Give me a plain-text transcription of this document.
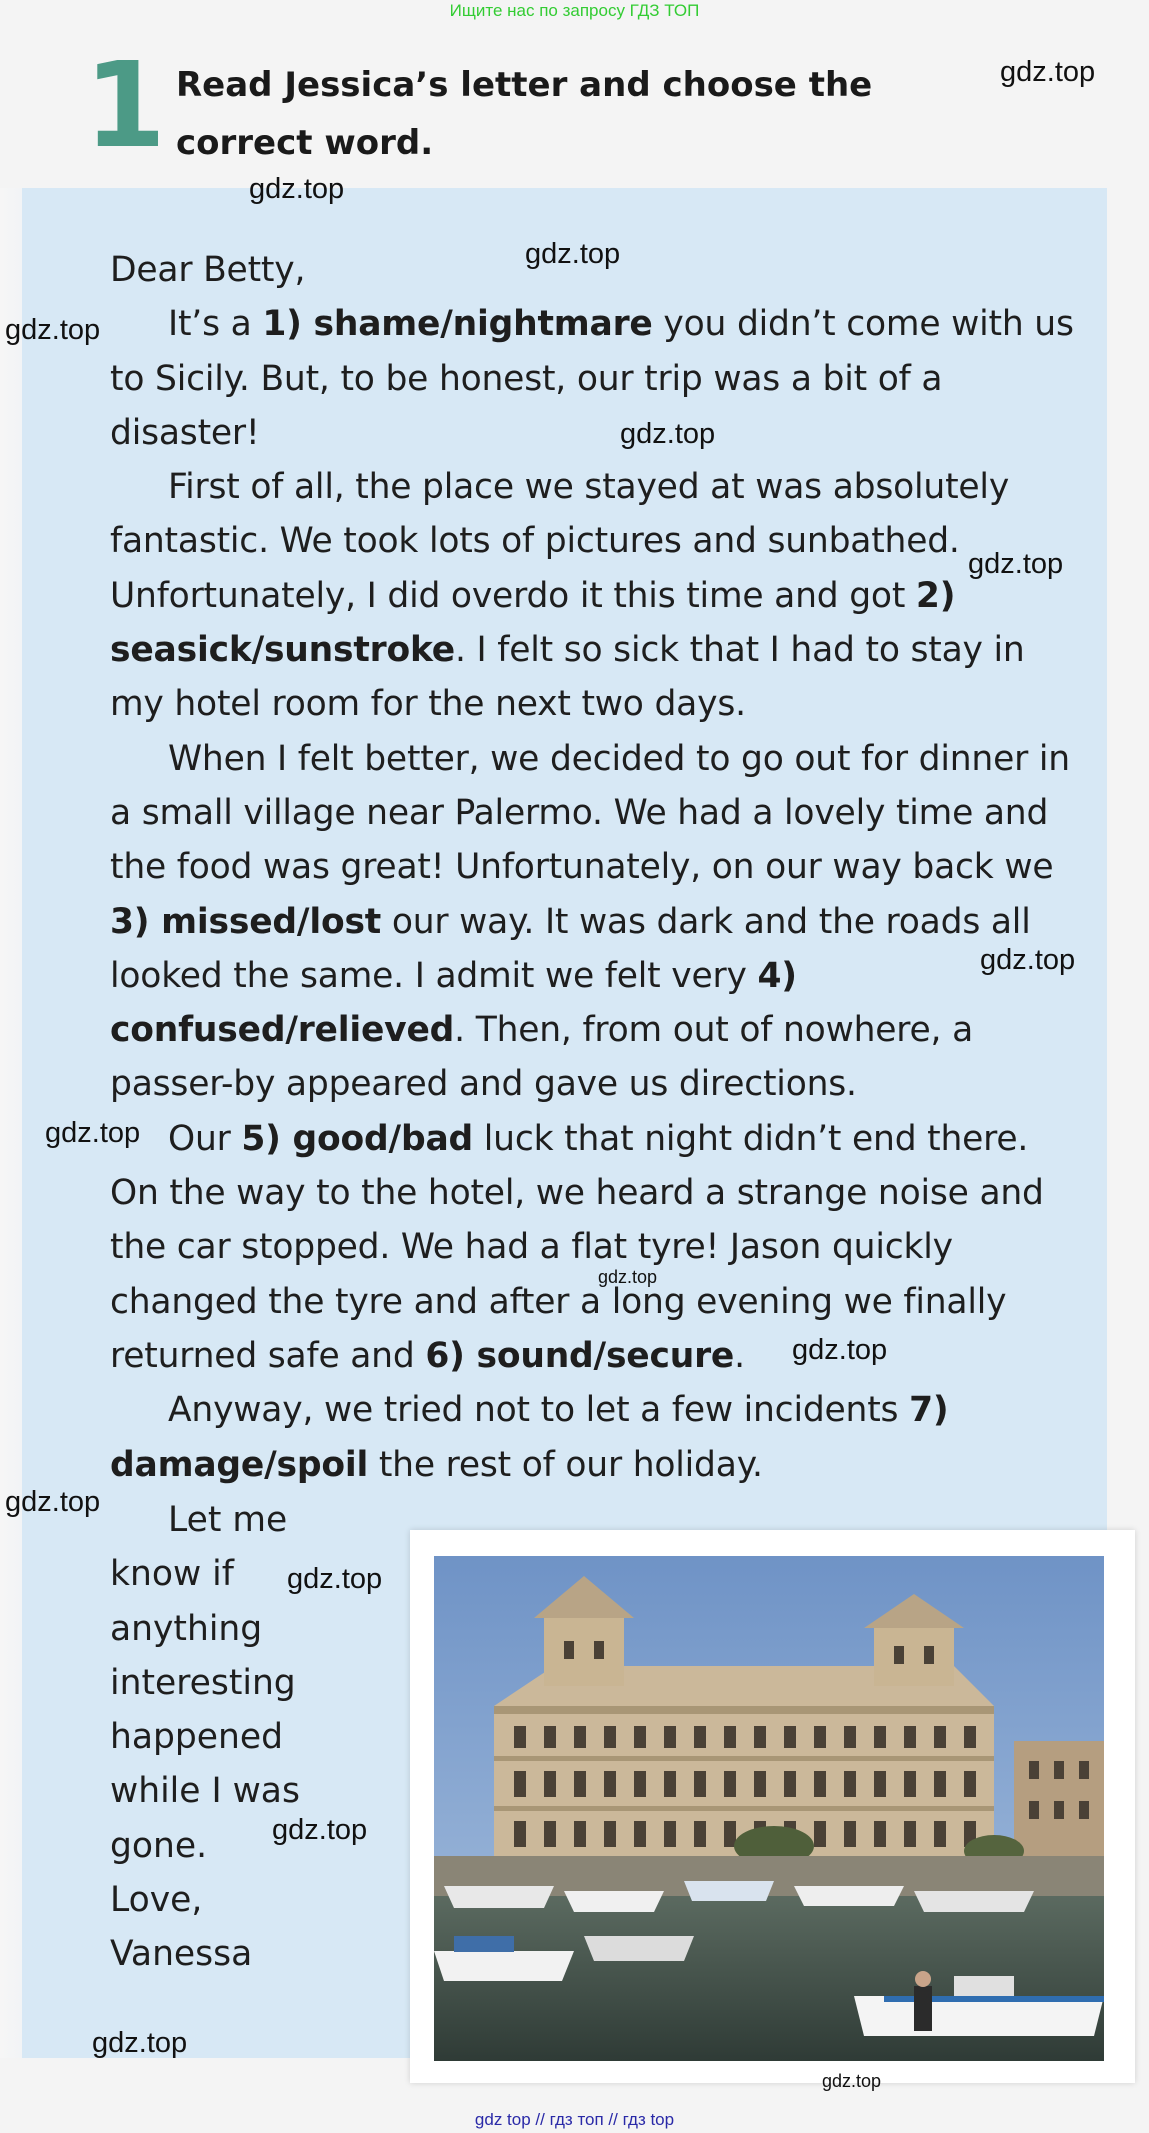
Ищите нас по запросу ГДЗ ТОП
1 Read Jessica’s letter and choose the correct word.

Dear Betty,

It’s a 1) shame/nightmare you didn’t come with us to Sicily. But, to be honest, our trip was a bit of a disaster!

First of all, the place we stayed at was absolutely fantastic. We took lots of pictures and sunbathed. Unfortunately, I did overdo it this time and got 2) seasick/sunstroke. I felt so sick that I had to stay in my hotel room for the next two days.

When I felt better, we decided to go out for dinner in a small village near Palermo. We had a lovely time and the food was great! Unfortunately, on our way back we 3) missed/lost our way. It was dark and the roads all looked the same. I admit we felt very 4) confused/relieved. Then, from out of nowhere, a passer-by appeared and gave us directions.

Our 5) good/bad luck that night didn’t end there. On the way to the hotel, we heard a strange noise and the car stopped. We had a flat tyre! Jason quickly changed the tyre and after a long evening we finally returned safe and 6) sound/secure.

Anyway, we tried not to let a few incidents 7) damage/spoil the rest of our holiday.

Let me

know if

anything

interesting

happened

while I was

gone.

Love,

Vanessa

gdz.top
gdz.top
gdz.top
gdz.top
gdz.top
gdz.top
gdz.top
gdz.top
gdz.top
gdz.top
gdz.top
gdz.top
gdz.top
gdz.top
gdz.top
gdz top // гдз топ // гдз top
